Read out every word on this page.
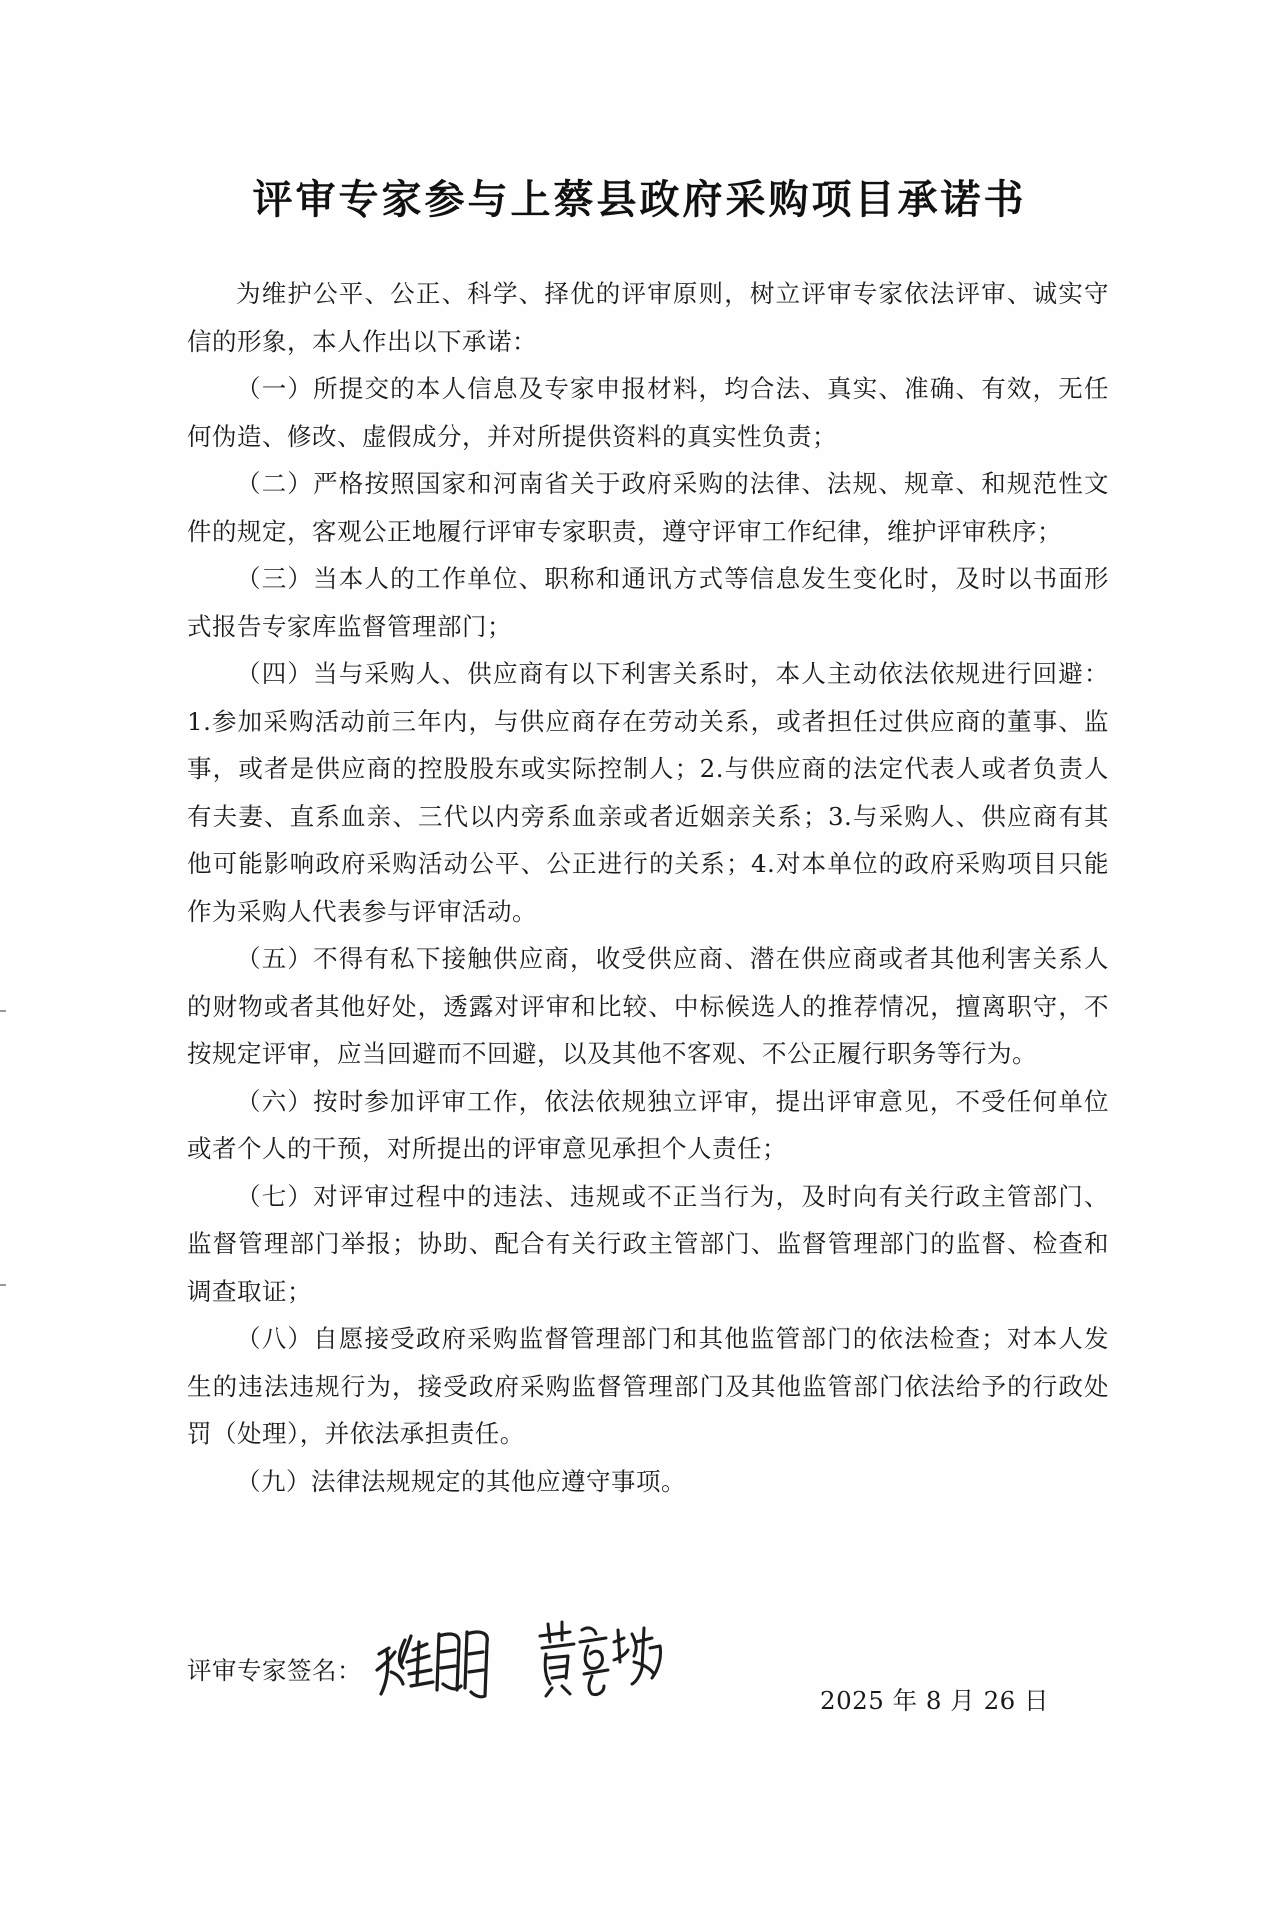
评审专家参与上蔡县政府采购项目承诺书

为维护公平、公正、科学、择优的评审原则，树立评审专家依法评审、诚实守信的形象，本人作出以下承诺：

（一）所提交的本人信息及专家申报材料，均合法、真实、准确、有效，无任何伪造、修改、虚假成分，并对所提供资料的真实性负责；

（二）严格按照国家和河南省关于政府采购的法律、法规、规章、和规范性文件的规定，客观公正地履行评审专家职责，遵守评审工作纪律，维护评审秩序；

（三）当本人的工作单位、职称和通讯方式等信息发生变化时，及时以书面形式报告专家库监督管理部门；

（四）当与采购人、供应商有以下利害关系时，本人主动依法依规进行回避：1.参加采购活动前三年内，与供应商存在劳动关系，或者担任过供应商的董事、监事，或者是供应商的控股股东或实际控制人；2.与供应商的法定代表人或者负责人有夫妻、直系血亲、三代以内旁系血亲或者近姻亲关系；3.与采购人、供应商有其他可能影响政府采购活动公平、公正进行的关系；4.对本单位的政府采购项目只能作为采购人代表参与评审活动。

（五）不得有私下接触供应商，收受供应商、潜在供应商或者其他利害关系人的财物或者其他好处，透露对评审和比较、中标候选人的推荐情况，擅离职守，不按规定评审，应当回避而不回避，以及其他不客观、不公正履行职务等行为。

（六）按时参加评审工作，依法依规独立评审，提出评审意见，不受任何单位或者个人的干预，对所提出的评审意见承担个人责任；

（七）对评审过程中的违法、违规或不正当行为，及时向有关行政主管部门、监督管理部门举报；协助、配合有关行政主管部门、监督管理部门的监督、检查和调查取证；

（八）自愿接受政府采购监督管理部门和其他监管部门的依法检查；对本人发生的违法违规行为，接受政府采购监督管理部门及其他监管部门依法给予的行政处罚（处理），并依法承担责任。

（九）法律法规规定的其他应遵守事项。

评审专家签名：
2025 年 8 月 26 日
